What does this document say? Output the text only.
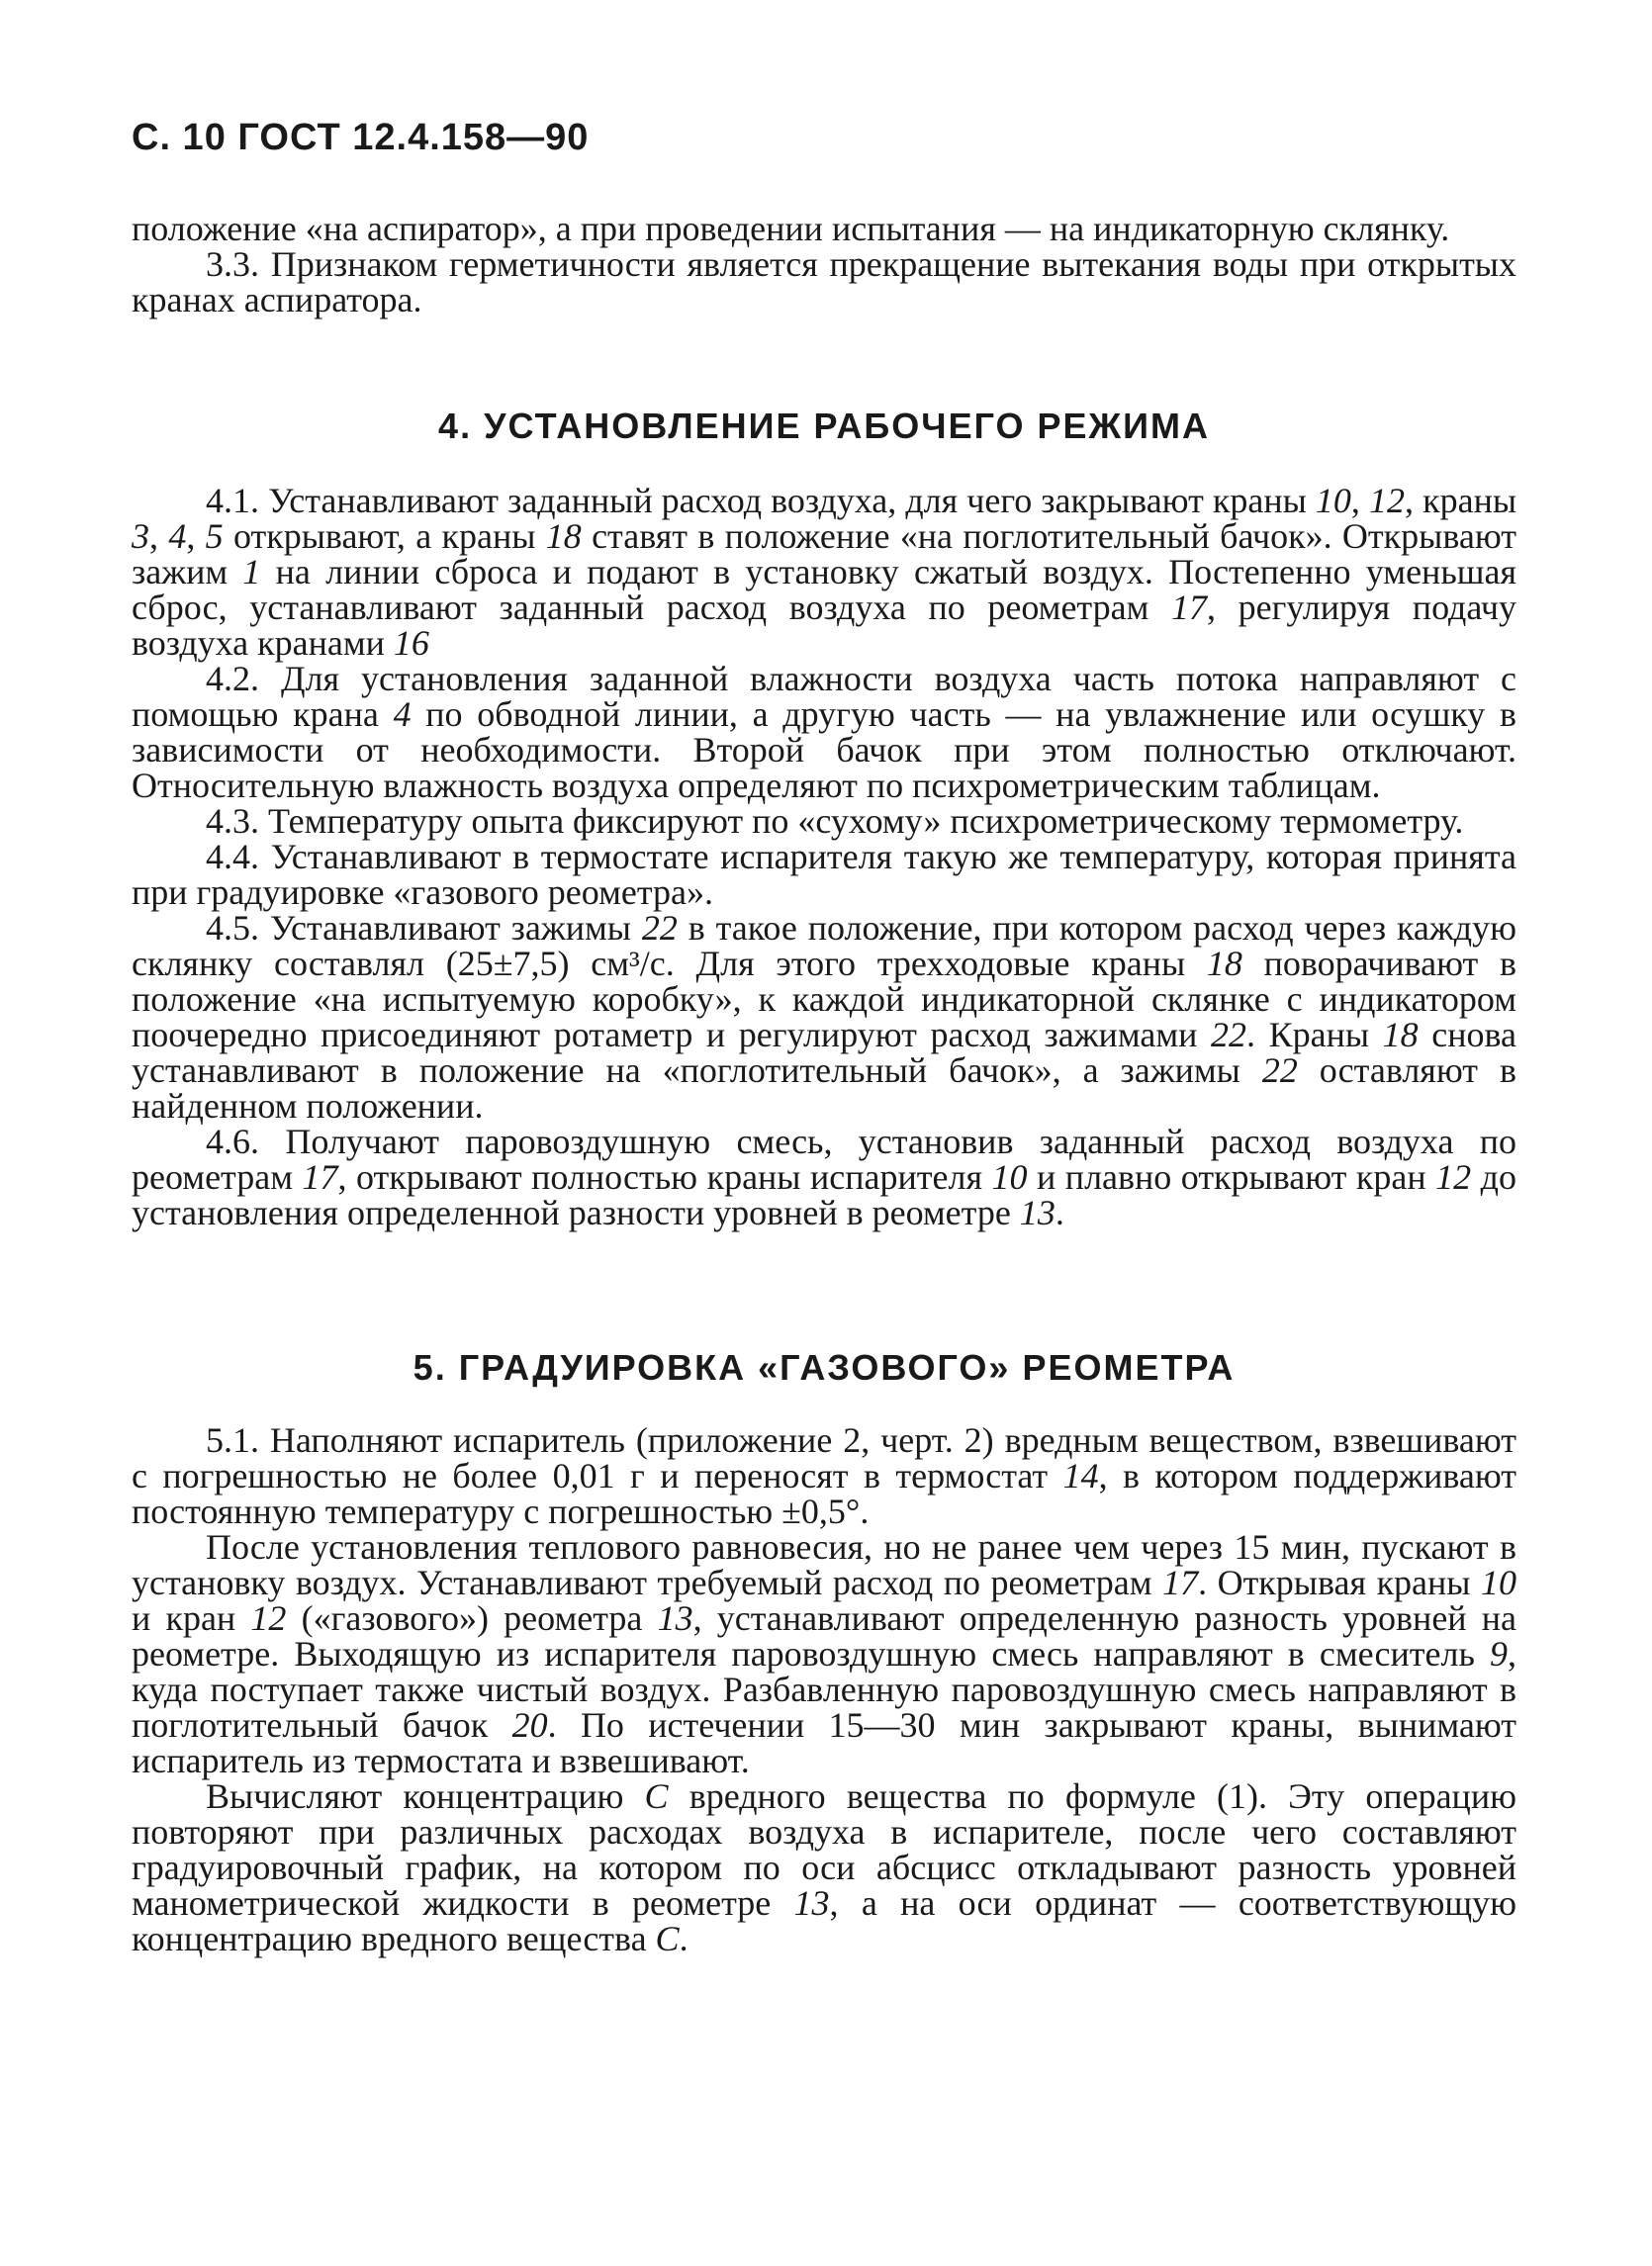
С. 10 ГОСТ 12.4.158—90

положение «на аспиратор», а при проведении испытания — на индикаторную склянку.

3.3. Признаком герметичности является прекращение вытекания воды при открытых кранах аспиратора.

4. УСТАНОВЛЕНИЕ РАБОЧЕГО РЕЖИМА

4.1. Устанавливают заданный расход воздуха, для чего закрывают краны 10, 12, краны 3, 4, 5 открывают, а краны 18 ставят в положение «на поглотительный бачок». Открывают зажим 1 на линии сброса и подают в установку сжатый воздух. Постепенно уменьшая сброс, устанавливают заданный расход воздуха по реометрам 17, регулируя подачу воздуха кранами 16

4.2. Для установления заданной влажности воздуха часть потока направляют с помощью крана 4 по обводной линии, а другую часть — на увлажнение или осушку в зависимости от необходимости. Второй бачок при этом полностью отключают. Относительную влажность воздуха определяют по психрометрическим таблицам.

4.3. Температуру опыта фиксируют по «сухому» психрометрическому термометру.

4.4. Устанавливают в термостате испарителя такую же температуру, которая принята при градуировке «газового реометра».

4.5. Устанавливают зажимы 22 в такое положение, при котором расход через каждую склянку составлял (25±7,5) см³/с. Для этого трехходовые краны 18 поворачивают в положение «на испытуемую коробку», к каждой индикаторной склянке с индикатором поочередно присоединяют ротаметр и регулируют расход зажимами 22. Краны 18 снова устанавливают в положение на «поглотительный бачок», а зажимы 22 оставляют в найденном положении.

4.6. Получают паровоздушную смесь, установив заданный расход воздуха по реометрам 17, открывают полностью краны испарителя 10 и плавно открывают кран 12 до установления определенной разности уровней в реометре 13.

5. ГРАДУИРОВКА «ГАЗОВОГО» РЕОМЕТРА

5.1. Наполняют испаритель (приложение 2, черт. 2) вредным веществом, взвешивают с погрешностью не более 0,01 г и переносят в термостат 14, в котором поддерживают постоянную температуру с погрешностью ±0,5°.

После установления теплового равновесия, но не ранее чем через 15 мин, пускают в установку воздух. Устанавливают требуемый расход по реометрам 17. Открывая краны 10 и кран 12 («газового») реометра 13, устанавливают определенную разность уровней на реометре. Выходящую из испарителя паровоздушную смесь направляют в смеситель 9, куда поступает также чистый воздух. Разбавленную паровоздушную смесь направляют в поглотительный бачок 20. По истечении 15—30 мин закрывают краны, вынимают испаритель из термостата и взвешивают.

Вычисляют концентрацию С вредного вещества по формуле (1). Эту операцию повторяют при различных расходах воздуха в испарителе, после чего составляют градуировочный график, на котором по оси абсцисс откладывают разность уровней манометрической жидкости в реометре 13, а на оси ординат — соответствующую концентрацию вредного вещества С.
